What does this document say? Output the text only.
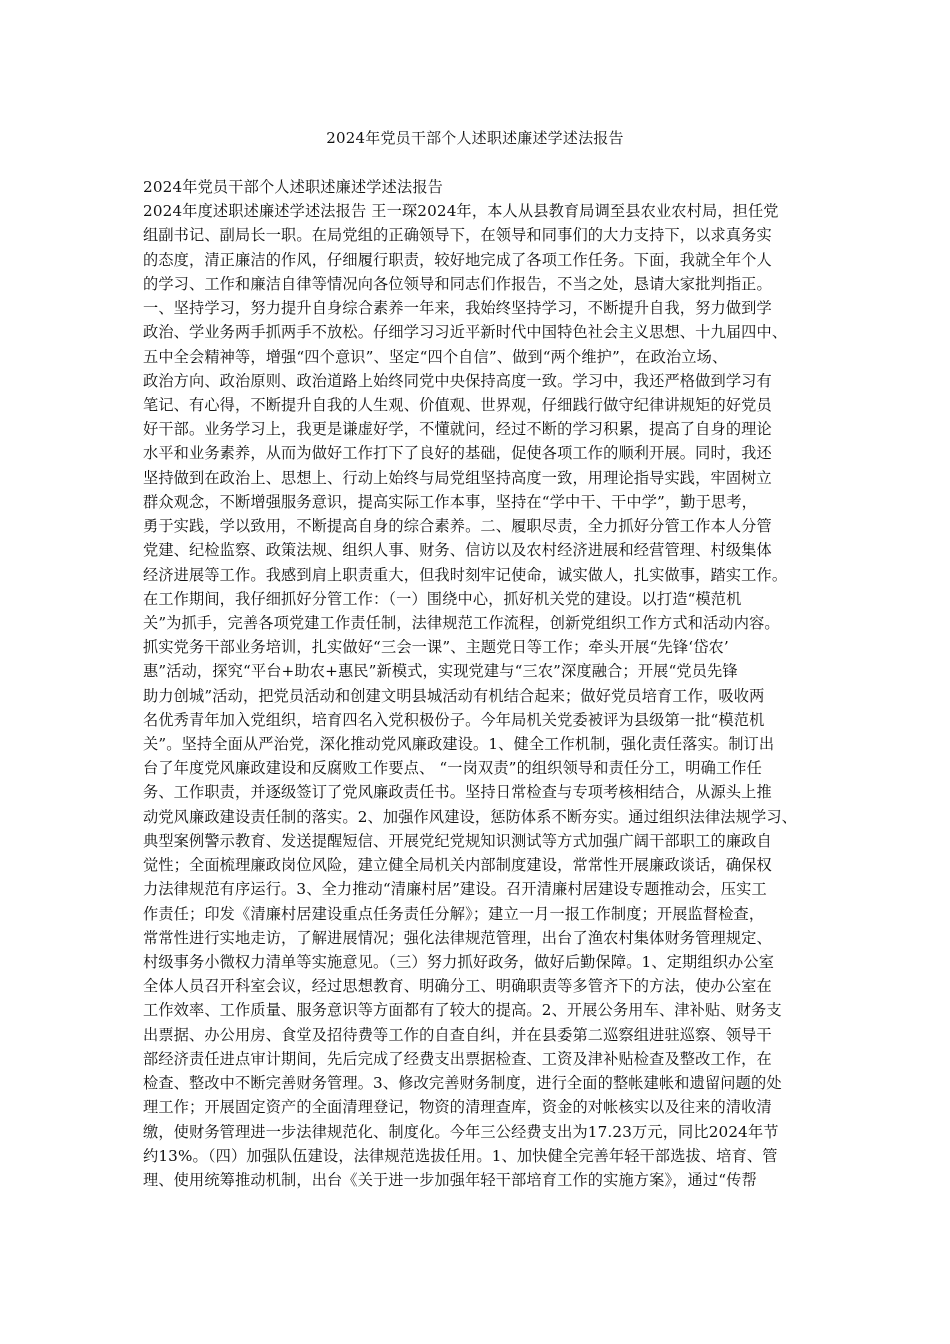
2024年党员干部个人述职述廉述学述法报告
2024年党员干部个人述职述廉述学述法报告
2024年度述职述廉述学述法报告 王一琛2024年，本人从县教育局调至县农业农村局，担任党
组副书记、副局长一职。在局党组的正确领导下，在领导和同事们的大力支持下，以求真务实
的态度，清正廉洁的作风，仔细履行职责，较好地完成了各项工作任务。下面，我就全年个人
的学习、工作和廉洁自律等情况向各位领导和同志们作报告，不当之处，恳请大家批判指正。
一、坚持学习，努力提升自身综合素养一年来，我始终坚持学习，不断提升自我，努力做到学
政治、学业务两手抓两手不放松。仔细学习习近平新时代中国特色社会主义思想、十九届四中、
五中全会精神等，增强“四个意识”、坚定“四个自信”、做到“两个维护”，在政治立场、
政治方向、政治原则、政治道路上始终同党中央保持高度一致。学习中，我还严格做到学习有
笔记、有心得，不断提升自我的人生观、价值观、世界观，仔细践行做守纪律讲规矩的好党员
好干部。业务学习上，我更是谦虚好学，不懂就问，经过不断的学习积累，提高了自身的理论
水平和业务素养，从而为做好工作打下了良好的基础，促使各项工作的顺利开展。同时，我还
坚持做到在政治上、思想上、行动上始终与局党组坚持高度一致，用理论指导实践，牢固树立
群众观念，不断增强服务意识，提高实际工作本事，坚持在“学中干、干中学”，勤于思考，
勇于实践，学以致用，不断提高自身的综合素养。二、履职尽责，全力抓好分管工作本人分管
党建、纪检监察、政策法规、组织人事、财务、信访以及农村经济进展和经营管理、村级集体
经济进展等工作。我感到肩上职责重大，但我时刻牢记使命，诚实做人，扎实做事，踏实工作。
在工作期间，我仔细抓好分管工作：（一）围绕中心，抓好机关党的建设。以打造“模范机
关”为抓手，完善各项党建工作责任制，法律规范工作流程，创新党组织工作方式和活动内容。
抓实党务干部业务培训，扎实做好“三会一课”、主题党日等工作；牵头开展“先锋‘岱农’
惠”活动，探究“平台+助农+惠民”新模式，实现党建与“三农”深度融合；开展“党员先锋
助力创城”活动，把党员活动和创建文明县城活动有机结合起来；做好党员培育工作，吸收两
名优秀青年加入党组织，培育四名入党积极份子。今年局机关党委被评为县级第一批“模范机
关”。坚持全面从严治党，深化推动党风廉政建设。1、健全工作机制，强化责任落实。制订出
台了年度党风廉政建设和反腐败工作要点、 “一岗双责”的组织领导和责任分工，明确工作任
务、工作职责，并逐级签订了党风廉政责任书。坚持日常检查与专项考核相结合，从源头上推
动党风廉政建设责任制的落实。2、加强作风建设，惩防体系不断夯实。通过组织法律法规学习、
典型案例警示教育、发送提醒短信、开展党纪党规知识测试等方式加强广阔干部职工的廉政自
觉性；全面梳理廉政岗位风险，建立健全局机关内部制度建设，常常性开展廉政谈话，确保权
力法律规范有序运行。3、全力推动“清廉村居”建设。召开清廉村居建设专题推动会，压实工
作责任；印发《清廉村居建设重点任务责任分解》；建立一月一报工作制度；开展监督检查，
常常性进行实地走访，了解进展情况；强化法律规范管理，出台了渔农村集体财务管理规定、
村级事务小微权力清单等实施意见。（三）努力抓好政务，做好后勤保障。1、定期组织办公室
全体人员召开科室会议，经过思想教育、明确分工、明确职责等多管齐下的方法，使办公室在
工作效率、工作质量、服务意识等方面都有了较大的提高。2、开展公务用车、津补贴、财务支
出票据、办公用房、食堂及招待费等工作的自查自纠，并在县委第二巡察组进驻巡察、领导干
部经济责任进点审计期间，先后完成了经费支出票据检查、工资及津补贴检查及整改工作，在
检查、整改中不断完善财务管理。3、修改完善财务制度，进行全面的整帐建帐和遗留问题的处
理工作；开展固定资产的全面清理登记，物资的清理查库，资金的对帐核实以及往来的清收清
缴，使财务管理进一步法律规范化、制度化。今年三公经费支出为17.23万元，同比2024年节
约13%。（四）加强队伍建设，法律规范选拔任用。1、加快健全完善年轻干部选拔、培育、管
理、使用统筹推动机制，出台《关于进一步加强年轻干部培育工作的实施方案》，通过“传帮
